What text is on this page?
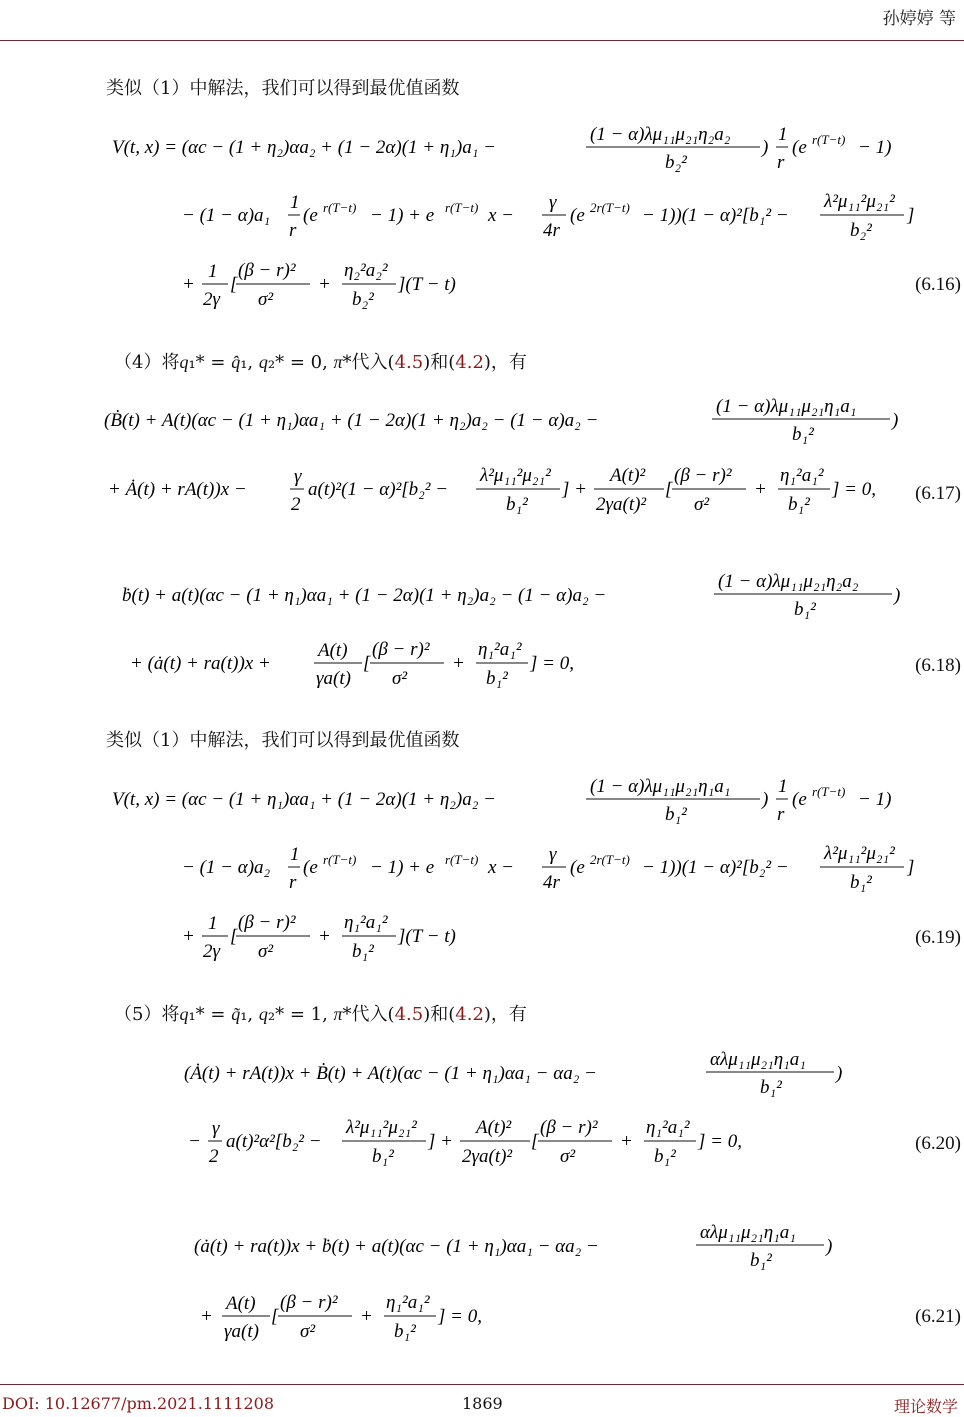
孙婷婷 等
类似（1）中解法，我们可以得到最优值函数
V(t, x) = (αc − (1 + η₂)αa₂ + (1 − 2α)(1 + η₁)a₁ −
(1 − α)λμ₁₁μ₂₁η₂a₂
b₂²
)
1
r
(e r(T−t) − 1)
− (1 − α)a₁
1
r
(e r(T−t) − 1) + e r(T−t) x −
γ
4r
(e 2r(T−t) − 1))(1 − α)²[b₁² −
λ²μ₁₁²μ₂₁²
b₂²
]
+
1
2γ
[
(β − r)²
σ²
+
η₂²a₂²
b₂²
](T − t)	(6.16)
（4）将q₁* = q̂₁, q₂* = 0, π*代入(4.5)和(4.2)，有
(Ḃ(t) + A(t)(αc − (1 + η₁)αa₁ + (1 − 2α)(1 + η₂)a₂ − (1 − α)a₂ −
(1 − α)λμ₁₁μ₂₁η₁a₁
b₁²
)
+ Ȧ(t) + rA(t))x −
γ
2
a(t)²(1 − α)²[b₂² −
λ²μ₁₁²μ₂₁²
b₁²
] +
A(t)²
2γa(t)²
[
(β − r)²
σ²
+
η₁²a₁²
b₁²
] = 0, (6.17)
ḃ(t) + a(t)(αc − (1 + η₁)αa₁ + (1 − 2α)(1 + η₂)a₂ − (1 − α)a₂ −
(1 − α)λμ₁₁μ₂₁η₂a₂
b₁²
)
+ (ȧ(t) + ra(t))x +
A(t)
γa(t)
[
(β − r)²
σ²
+
η₁²a₁²
b₁²
] = 0,	(6.18)
类似（1）中解法，我们可以得到最优值函数
V(t, x) = (αc − (1 + η₁)αa₁ + (1 − 2α)(1 + η₂)a₂ −
(1 − α)λμ₁₁μ₂₁η₁a₁
b₁²
)
1
r
(e r(T−t) − 1)
− (1 − α)a₂
1
r
(e r(T−t) − 1) + e r(T−t) x −
γ
4r
(e 2r(T−t) − 1))(1 − α)²[b₂² −
λ²μ₁₁²μ₂₁²
b₁²
]
+
1
2γ
[
(β − r)²
σ²
+
η₁²a₁²
b₁²
](T − t)	(6.19)
（5）将q₁* = q̃₁, q₂* = 1, π*代入(4.5)和(4.2)，有
(Ȧ(t) + rA(t))x + Ḃ(t) + A(t)(αc − (1 + η₁)αa₁ − αa₂ −
αλμ₁₁μ₂₁η₁a₁
b₁²
)
−
γ
2
a(t)²α²[b₂² −
λ²μ₁₁²μ₂₁²
b₁²
] +
A(t)²
2γa(t)²
[
(β − r)²
σ²
+
η₁²a₁²
b₁²
] = 0,	(6.20)
(ȧ(t) + ra(t))x + ḃ(t) + a(t)(αc − (1 + η₁)αa₁ − αa₂ −
αλμ₁₁μ₂₁η₁a₁
b₁²
)
+
A(t)
γa(t)
[
(β − r)²
σ²
+
η₁²a₁²
b₁²
] = 0,	(6.21)
DOI: 10.12677/pm.2021.1111208	1869	理论数学
